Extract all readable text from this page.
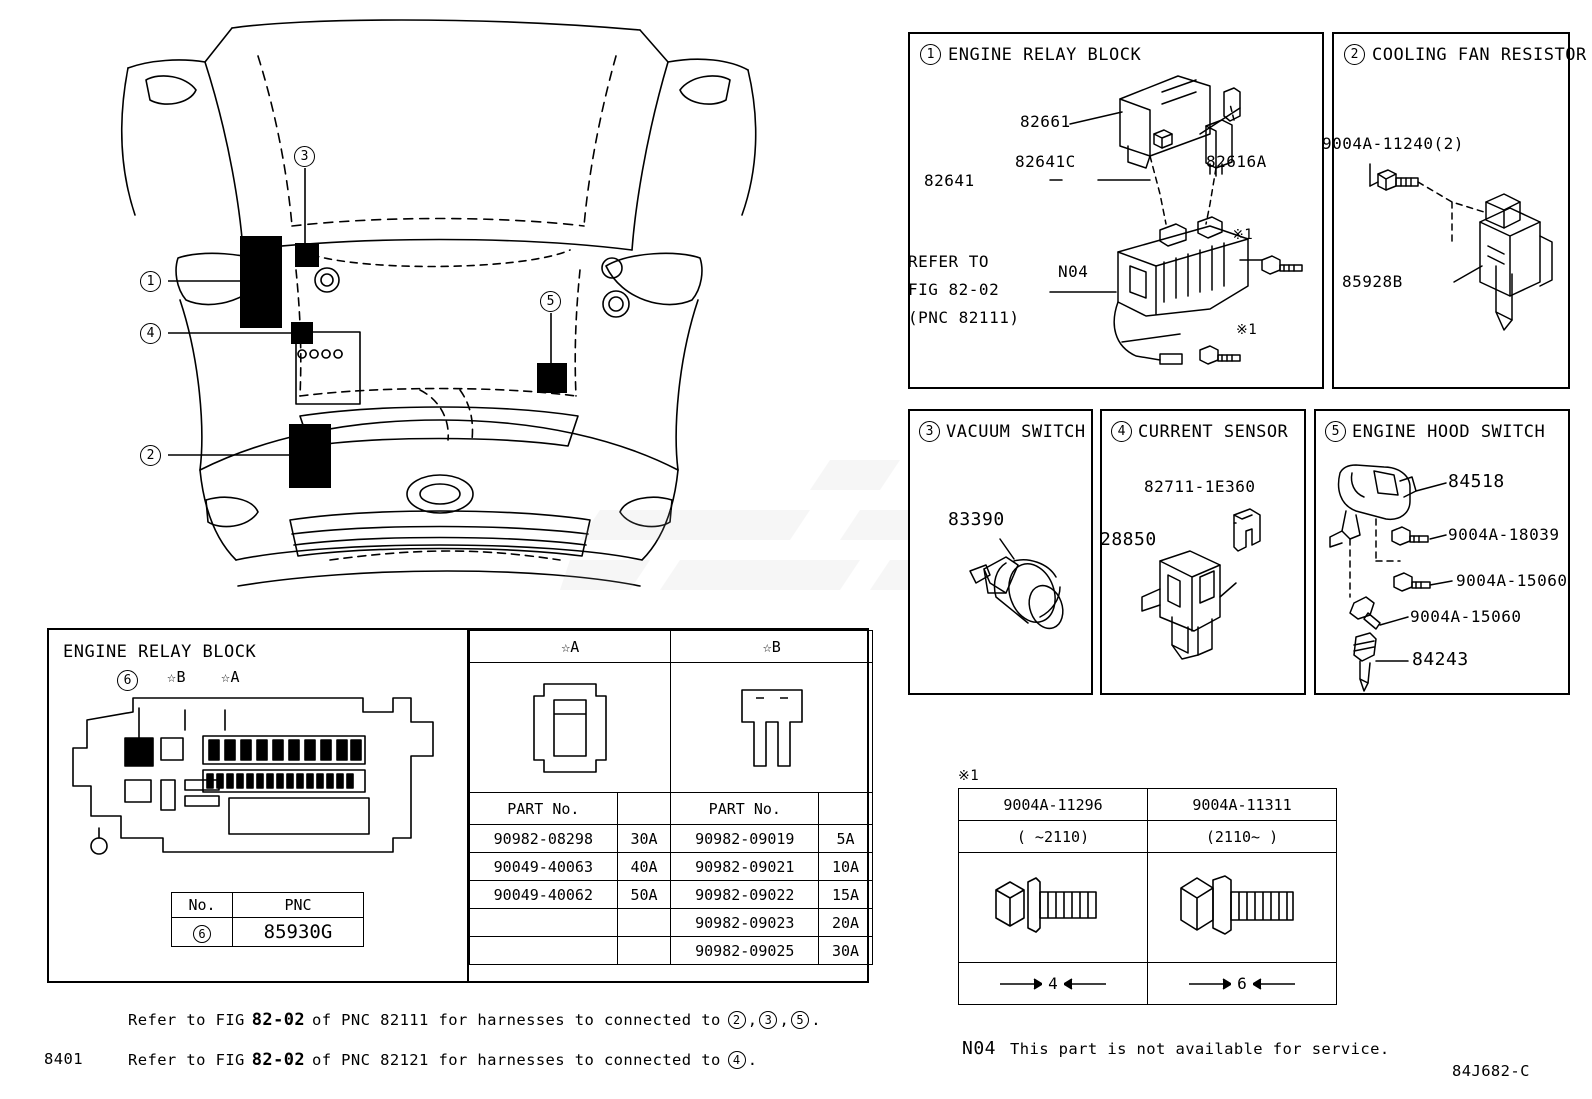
1
4
2
3
5
1 ENGINE RELAY BLOCK
82661
82616A
82641
82641C
※1
※1
N04
REFER TO
FIG 82-02
(PNC 82111)
2 COOLING FAN RESISTOR
9004A-11240(2)
85928B
3 VACUUM SWITCH
83390
4 CURRENT SENSOR
82711-1E360
28850
5 ENGINE HOOD SWITCH
84518
9004A-18039
9004A-15060
9004A-15060
84243
ENGINE RELAY BLOCK
6	☆B ☆A
No.	PNC
6	85930G
☆A		☆B	

PART No.		PART No.	
90982-08298	30A	90982-09019	5A
90049-40063	40A	90982-09021	10A
90049-40062	50A	90982-09022	15A
		90982-09023	20A
		90982-09025	30A
※1
9004A-11296	9004A-11311
( ~2110)	(2110~ )

4	6
N04 This part is not available for service.
Refer to FIG 82-02 of PNC 82111 for harnesses to connected to	2 , 3 , 5 .
Refer to FIG 82-02 of PNC 82121 for harnesses to connected to	4 .
8401
84J682-C
